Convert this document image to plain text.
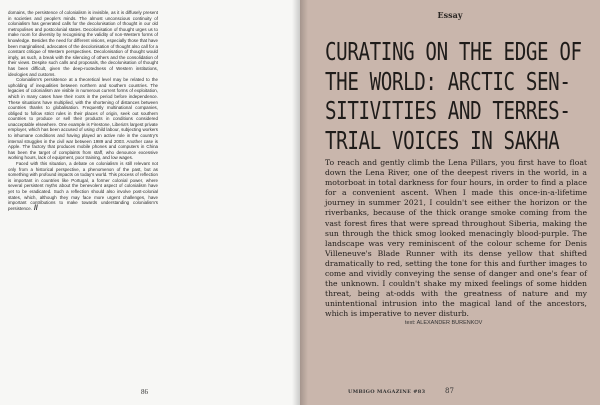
domains, the persistence of colonialism is invisible, as it is diffusely present in societies and people's minds. The almost unconscious continuity of colonialism has generated calls for the decolonisation of thought in our old metropolises and postcolonial states. Decolonisation of thought urges us to make room for diversity by recognising the validity of non-Western forms of knowledge. Besides the need for different visions, especially those that have been marginalised, advocates of the decolonisation of thought also call for a constant critique of Western perspectives. Decolonisation of thought would imply, as such, a break with the silencing of others and the consolidation of their views. Despite such calls and proposals, the decolonisation of thought has been difficult, given the deep-rootedness of Western institutions, ideologies and customs.

Colonialism's persistence at a theoretical level may be related to the upholding of inequalities between northern and southern countries. The legacies of colonialism are visible in numerous current forms of exploitation, which in many cases have their roots in the period before independence. These situations have multiplied, with the shortening of distances between countries thanks to globalisation. Frequently multinational companies, obliged to follow strict rules in their places of origin, seek out southern countries to produce or sell their products in conditions considered unacceptable elsewhere. One example is Firestone, Liberia's largest private employer, which has been accused of using child labour, subjecting workers to inhumane conditions and having played an active role in the country's internal struggles in the civil war between 1989 and 2003. Another case is Apple. The factory that produces mobile phones and computers in China has been the target of complaints from staff, who denounce excessive working hours, lack of equipment, poor training, and low wages.

Faced with this situation, a debate on colonialism is still relevant not only from a historical perspective, a phenomenon of the past, but as something with profound impacts on today's world. This process of reflection is important in countries like Portugal, a former colonial power, where several persistent myths about the benevolent aspect of colonialism have yet to be eradicated. Such a reflection should also involve post-colonial states, which, although they may face more urgent challenges, have important contributions to make towards understanding colonialism's persistence. //

86
Essay
CURATING ON THE EDGE OF
THE WORLD: ARCTIC SEN-
SITIVITIES AND TERRES-
TRIAL VOICES IN SAKHA
To reach and gently climb the Lena Pillars, you first have to float down the Lena River, one of the deepest rivers in the world, in a motorboat in total darkness for four hours, in order to find a place for a convenient ascent. When I made this once-in-a-lifetime journey in summer 2021, I couldn't see either the horizon or the riverbanks, because of the thick orange smoke coming from the vast forest fires that were spread throughout Siberia, making the sun through the thick smog looked menacingly blood-purple. The landscape was very reminiscent of the colour scheme for Denis Villeneuve's Blade Runner with its dense yellow that shifted dramatically to red, setting the tone for this and further images to come and vividly conveying the sense of danger and one's fear of the unknown. I couldn't shake my mixed feelings of some hidden threat, being at-odds with the greatness of nature and my unintentional intrusion into the magical land of the ancestors, which is imperative to never disturb.
text: ALEXANDER BURENKOV
UMBIGO MAGAZINE #83	87
